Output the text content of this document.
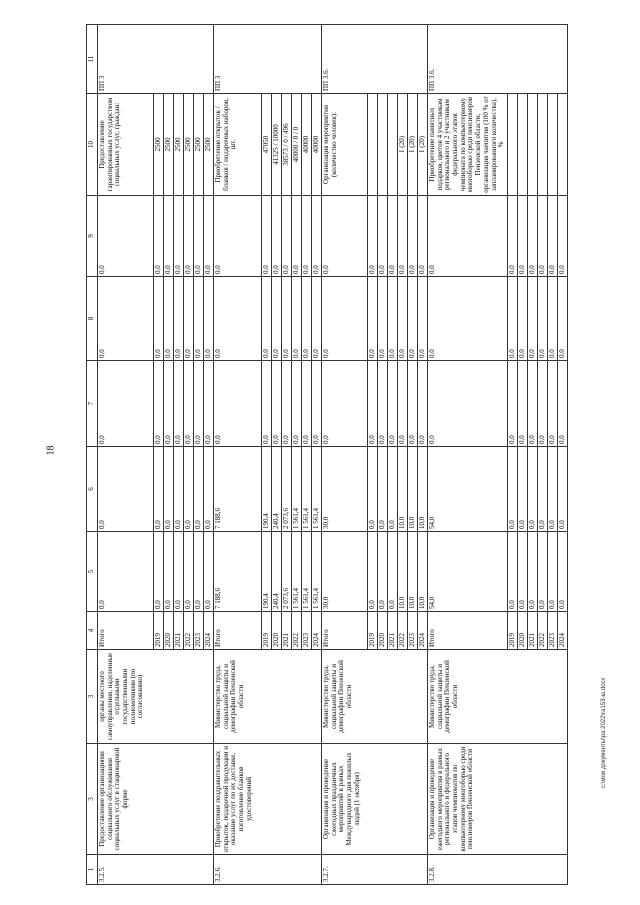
18
c:\мои документы\ра 2022\ra153-ш.docx
1	3	3	4	5	6	7	8	9	10	11
3.2.5.	Предоставление организациями социального обслуживания социальных услуг в стационарной форме	органы местного самоуправления, наделенные отдельными государственными полномочиями (по согласованию)	Итого	0,0	0,0	0,0	0,0	0,0	Предоставление гарантированных государством социальных услуг, граждан:	ПП 3
			2019	0,0	0,0	0,0	0,0	0,0	2500	
			2020	0,0	0,0	0,0	0,0	0,0	2500	
			2021	0,0	0,0	0,0	0,0	0,0	2500	
			2022	0,0	0,0	0,0	0,0	0,0	2500	
			2023	0,0	0,0	0,0	0,0	0,0	2500	
			2024	0,0	0,0	0,0	0,0	0,0	2500	
3.2.6.	Приобретение поздравительных открыток, подарочной продукции и оказание услуг по их доставке, изготовление бланков удостоверений	Министерство труда, социальной защиты и демографии Пензенской области	Итого	7 188,6	7 188,6	0,0	0,0	0,0	Приобретение открыток / бланков / подарочных наборов, шт.	ПП 3
			2019	190,4	190,4	0,0	0,0	0,0	47050	
			2020	240,4	240,4	0,0	0,0	0,0	41325 / 10000	
			2021	2 073,6	2 073,6	0,0	0,0	0,0	38573 / 0 / 496	
			2022	1 561,4	1 561,4	0,0	0,0	0,0	40000 / 0 / 0	
			2023	1 561,4	1 561,4	0,0	0,0	0,0	40000	
			2024	1 561,4	1 561,4	0,0	0,0	0,0	40000	
3.2.7.	Организация и проведение сжегодных праздничных мероприятий в рамках Международного дня пожилых людей (1 октября)	Министерство труда, социальной защиты и демографии Пензенской области	Итого	30,0	30,0	0,0	0,0	0,0	Организация мероприятия (количество человек):	ПП 3.6.
			2019	0,0	0,0	0,0	0,0	0,0		
			2020	0,0	0,0	0,0	0,0	0,0		
			2021	0,0	0,0	0,0	0,0	0,0		
			2022	10,0	10,0	0,0	0,0	0,0	1 (20)	
			2023	10,0	10,0	0,0	0,0	0,0	1 (20)	
			2024	10,0	10,0	0,0	0,0	0,0	1 (20)	
3.2.8.	Организация и проведение ежегодного мероприятия в рамках регионального и федерального этапов чемпионатов по компьютерному многоборью среди пенсионеров Пензенской области	Министерство труда, социальной защиты и демографии Пензенской области	Итого	54,0	54,0	0,0	0,0	0,0	Приобретение памятных подарков, цветов 4 участникам регионального и 2 участникам федерального этапов чемпионата по компьютерному многоборью среди пенсионеров Пензенской области, организация чаепития (100 % от запланированного количества), %	ПП 3.6.
			2019	0,0	0,0	0,0	0,0	0,0		
			2020	0,0	0,0	0,0	0,0	0,0		
			2021	0,0	0,0	0,0	0,0	0,0		
			2022	0,0	0,0	0,0	0,0	0,0		
			2023	0,0	0,0	0,0	0,0	0,0		
			2024	0,0	0,0	0,0	0,0	0,0		
